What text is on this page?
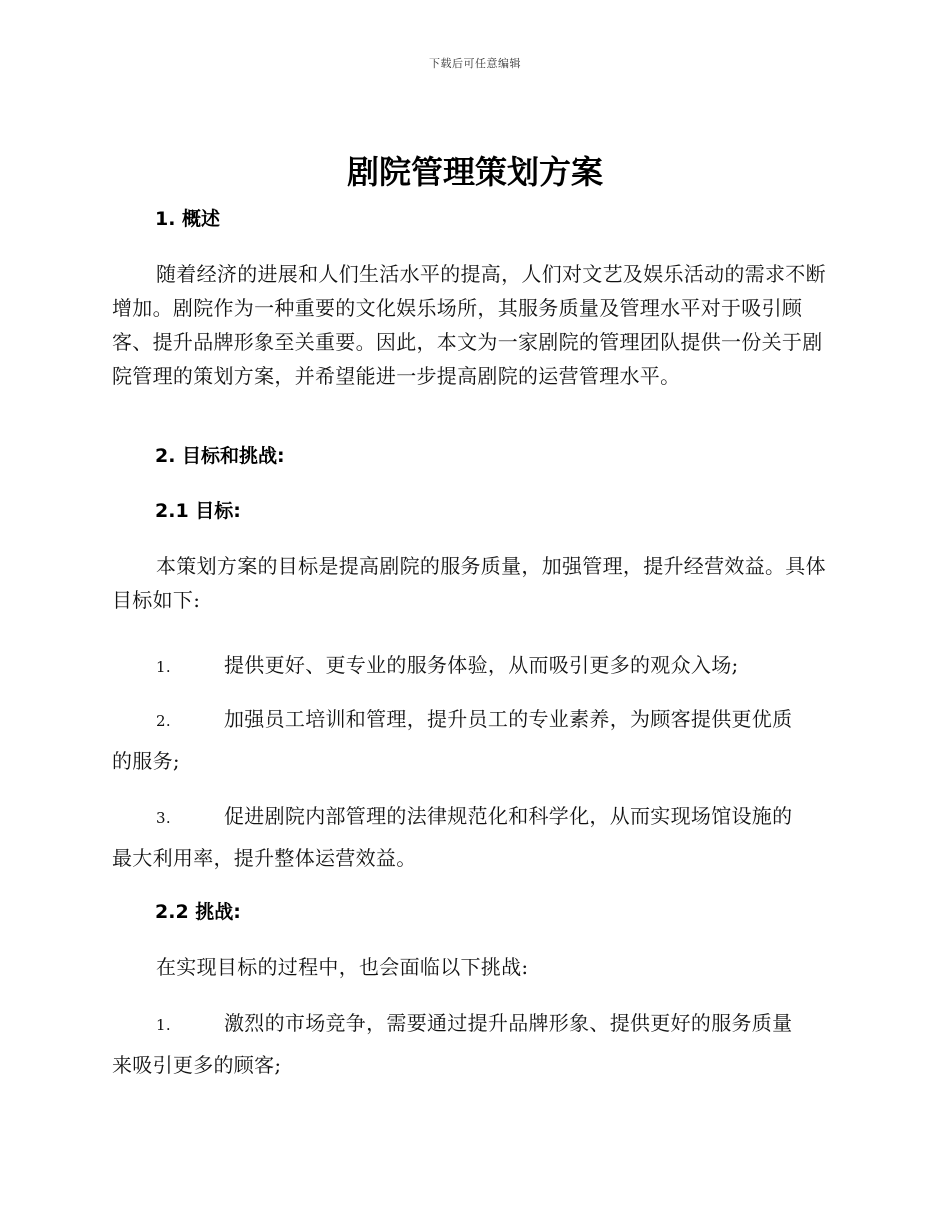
下载后可任意编辑
剧院管理策划方案
1. 概述
随着经济的进展和人们生活水平的提高，人们对文艺及娱乐活动的需求不断增加。剧院作为一种重要的文化娱乐场所，其服务质量及管理水平对于吸引顾客、提升品牌形象至关重要。因此，本文为一家剧院的管理团队提供一份关于剧院管理的策划方案，并希望能进一步提高剧院的运营管理水平。
2. 目标和挑战:
2.1 目标:
本策划方案的目标是提高剧院的服务质量，加强管理，提升经营效益。具体目标如下:
1.	提供更好、更专业的服务体验，从而吸引更多的观众入场;
2.	加强员工培训和管理，提升员工的专业素养，为顾客提供更优质
的服务;
3.	促进剧院内部管理的法律规范化和科学化，从而实现场馆设施的
最大利用率，提升整体运营效益。
2.2 挑战:
在实现目标的过程中，也会面临以下挑战:
1.	激烈的市场竞争，需要通过提升品牌形象、提供更好的服务质量
来吸引更多的顾客;
